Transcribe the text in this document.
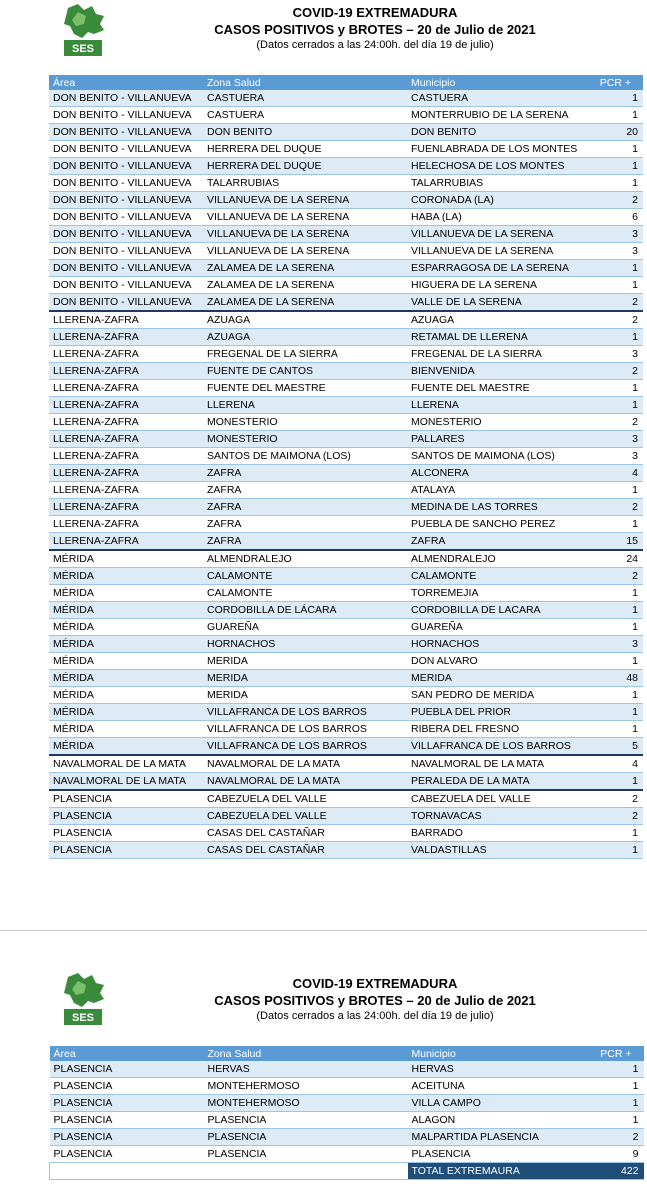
SES
COVID-19 EXTREMADURA
CASOS POSITIVOS y BROTES – 20 de Julio de 2021
(Datos cerrados a las 24:00h. del día 19 de julio)
Área	Zona Salud	Municipio	PCR +
DON BENITO - VILLANUEVA	CASTUERA	CASTUERA	1
DON BENITO - VILLANUEVA	CASTUERA	MONTERRUBIO DE LA SERENA	1
DON BENITO - VILLANUEVA	DON BENITO	DON BENITO	20
DON BENITO - VILLANUEVA	HERRERA DEL DUQUE	FUENLABRADA DE LOS MONTES	1
DON BENITO - VILLANUEVA	HERRERA DEL DUQUE	HELECHOSA DE LOS MONTES	1
DON BENITO - VILLANUEVA	TALARRUBIAS	TALARRUBIAS	1
DON BENITO - VILLANUEVA	VILLANUEVA DE LA SERENA	CORONADA (LA)	2
DON BENITO - VILLANUEVA	VILLANUEVA DE LA SERENA	HABA (LA)	6
DON BENITO - VILLANUEVA	VILLANUEVA DE LA SERENA	VILLANUEVA DE LA SERENA	3
DON BENITO - VILLANUEVA	VILLANUEVA DE LA SERENA	VILLANUEVA DE LA SERENA	3
DON BENITO - VILLANUEVA	ZALAMEA DE LA SERENA	ESPARRAGOSA DE LA SERENA	1
DON BENITO - VILLANUEVA	ZALAMEA DE LA SERENA	HIGUERA DE LA SERENA	1
DON BENITO - VILLANUEVA	ZALAMEA DE LA SERENA	VALLE DE LA SERENA	2
LLERENA-ZAFRA	AZUAGA	AZUAGA	2
LLERENA-ZAFRA	AZUAGA	RETAMAL DE LLERENA	1
LLERENA-ZAFRA	FREGENAL DE LA SIERRA	FREGENAL DE LA SIERRA	3
LLERENA-ZAFRA	FUENTE DE CANTOS	BIENVENIDA	2
LLERENA-ZAFRA	FUENTE DEL MAESTRE	FUENTE DEL MAESTRE	1
LLERENA-ZAFRA	LLERENA	LLERENA	1
LLERENA-ZAFRA	MONESTERIO	MONESTERIO	2
LLERENA-ZAFRA	MONESTERIO	PALLARES	3
LLERENA-ZAFRA	SANTOS DE MAIMONA (LOS)	SANTOS DE MAIMONA (LOS)	3
LLERENA-ZAFRA	ZAFRA	ALCONERA	4
LLERENA-ZAFRA	ZAFRA	ATALAYA	1
LLERENA-ZAFRA	ZAFRA	MEDINA DE LAS TORRES	2
LLERENA-ZAFRA	ZAFRA	PUEBLA DE SANCHO PEREZ	1
LLERENA-ZAFRA	ZAFRA	ZAFRA	15
MÉRIDA	ALMENDRALEJO	ALMENDRALEJO	24
MÉRIDA	CALAMONTE	CALAMONTE	2
MÉRIDA	CALAMONTE	TORREMEJIA	1
MÉRIDA	CORDOBILLA DE LÁCARA	CORDOBILLA DE LACARA	1
MÉRIDA	GUAREÑA	GUAREÑA	1
MÉRIDA	HORNACHOS	HORNACHOS	3
MÉRIDA	MERIDA	DON ALVARO	1
MÉRIDA	MERIDA	MERIDA	48
MÉRIDA	MERIDA	SAN PEDRO DE MERIDA	1
MÉRIDA	VILLAFRANCA DE LOS BARROS	PUEBLA DEL PRIOR	1
MÉRIDA	VILLAFRANCA DE LOS BARROS	RIBERA DEL FRESNO	1
MÉRIDA	VILLAFRANCA DE LOS BARROS	VILLAFRANCA DE LOS BARROS	5
NAVALMORAL DE LA MATA	NAVALMORAL DE LA MATA	NAVALMORAL DE LA MATA	4
NAVALMORAL DE LA MATA	NAVALMORAL DE LA MATA	PERALEDA DE LA MATA	1
PLASENCIA	CABEZUELA DEL VALLE	CABEZUELA DEL VALLE	2
PLASENCIA	CABEZUELA DEL VALLE	TORNAVACAS	2
PLASENCIA	CASAS DEL CASTAÑAR	BARRADO	1
PLASENCIA	CASAS DEL CASTAÑAR	VALDASTILLAS	1
SES
COVID-19 EXTREMADURA
CASOS POSITIVOS y BROTES – 20 de Julio de 2021
(Datos cerrados a las 24:00h. del día 19 de julio)
Área	Zona Salud	Municipio	PCR +
PLASENCIA	HERVAS	HERVAS	1
PLASENCIA	MONTEHERMOSO	ACEITUNA	1
PLASENCIA	MONTEHERMOSO	VILLA CAMPO	1
PLASENCIA	PLASENCIA	ALAGON	1
PLASENCIA	PLASENCIA	MALPARTIDA PLASENCIA	2
PLASENCIA	PLASENCIA	PLASENCIA	9
		TOTAL EXTREMAURA	422
